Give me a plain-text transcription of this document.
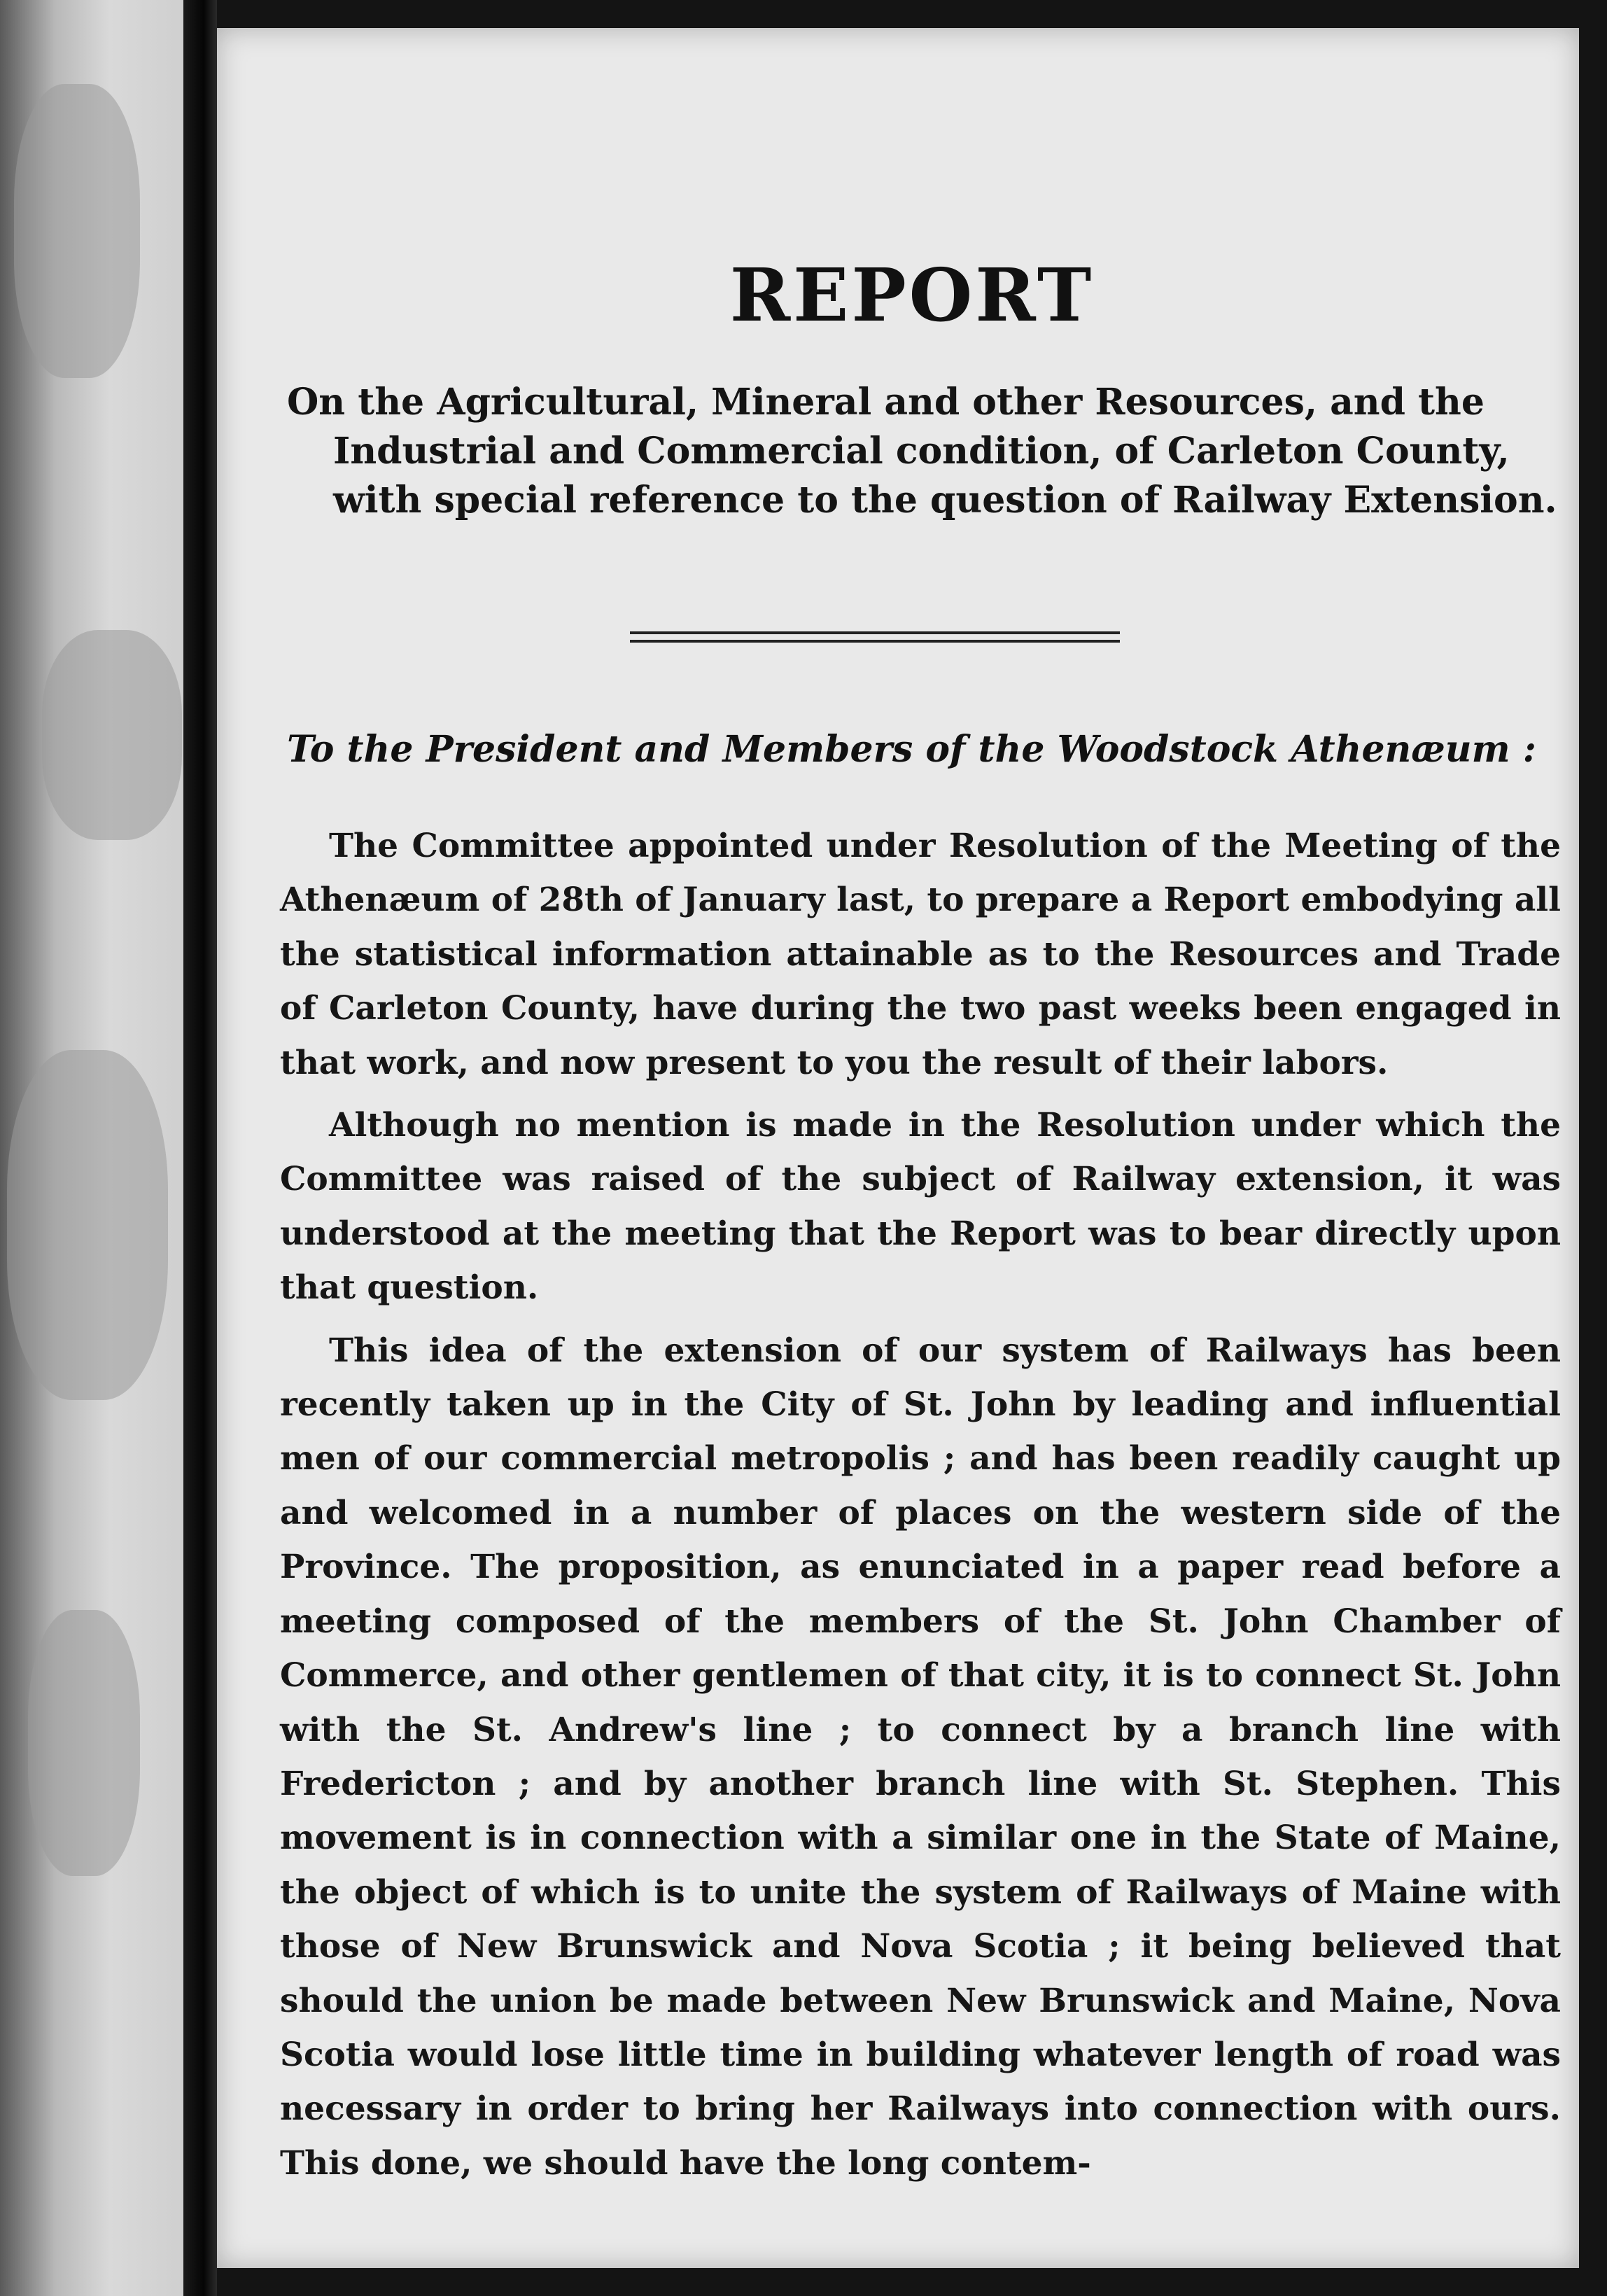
REPORT
On the Agricultural, Mineral and other Resources, and the Industrial and Commercial condition, of Carleton County, with special reference to the question of Railway Extension.
To the President and Members of the Woodstock Athenæum :

The Committee appointed under Resolution of the Meeting of the Athenæum of 28th of January last, to prepare a Report embodying all the statistical information attainable as to the Resources and Trade of Carleton County, have during the two past weeks been engaged in that work, and now present to you the result of their labors.

Although no mention is made in the Resolution under which the Committee was raised of the subject of Railway extension, it was understood at the meeting that the Report was to bear directly upon that question.

This idea of the extension of our system of Railways has been recently taken up in the City of St. John by leading and influential men of our commercial metropolis ; and has been readily caught up and welcomed in a number of places on the western side of the Province. The proposition, as enunciated in a paper read before a meeting composed of the members of the St. John Chamber of Commerce, and other gentlemen of that city, it is to connect St. John with the St. Andrew's line ; to connect by a branch line with Fredericton ; and by another branch line with St. Stephen. This movement is in connection with a similar one in the State of Maine, the object of which is to unite the system of Railways of Maine with those of New Brunswick and Nova Scotia ; it being believed that should the union be made between New Brunswick and Maine, Nova Scotia would lose little time in building whatever length of road was necessary in order to bring her Railways into connection with ours. This done, we should have the long contem-
